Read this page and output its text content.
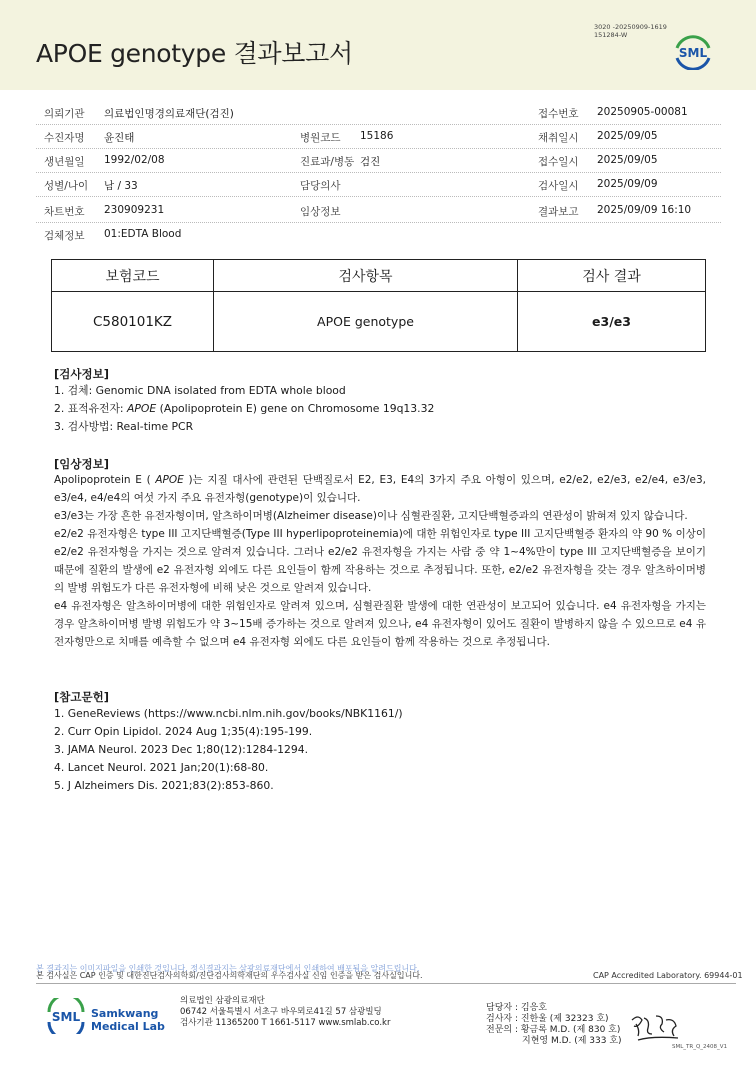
APOE genotype 결과보고서
3020 -20250909-1619
151284-W
SML
의뢰기관 의료법인명경의료재단(검진)	접수번호 20250905-00081
수진자명 윤진태	병원코드 15186	채취일시 2025/09/05
생년월일 1992/02/08	진료과/병동 검진	접수일시 2025/09/05
성별/나이 남 / 33	담당의사	검사일시 2025/09/09
차트번호 230909231	임상정보	결과보고 2025/09/09 16:10
검체정보 01:EDTA Blood
보험코드	검사항목	검사 결과
C580101KZ	APOE genotype	e3/e3
[검사정보]
1. 검체: Genomic DNA isolated from EDTA whole blood
2. 표적유전자: APOE (Apolipoprotein E) gene on Chromosome 19q13.32
3. 검사방법: Real-time PCR
[임상정보]

Apolipoprotein E ( APOE )는 지질 대사에 관련된 단백질로서 E2, E3, E4의 3가지 주요 아형이 있으며, e2/e2, e2/e3, e2/e4, e3/e3, e3/e4, e4/e4의 여섯 가지 주요 유전자형(genotype)이 있습니다.

e3/e3는 가장 흔한 유전자형이며, 알츠하이머병(Alzheimer disease)이나 심혈관질환, 고지단백혈증과의 연관성이 밝혀져 있지 않습니다.

e2/e2 유전자형은 type III 고지단백혈증(Type III hyperlipoproteinemia)에 대한 위험인자로 type III 고지단백혈증 환자의 약 90 % 이상이 e2/e2 유전자형을 가지는 것으로 알려져 있습니다. 그러나 e2/e2 유전자형을 가지는 사람 중 약 1~4%만이 type III 고지단백혈증을 보이기 때문에 질환의 발생에 e2 유전자형 외에도 다른 요인들이 함께 작용하는 것으로 추정됩니다. 또한, e2/e2 유전자형을 갖는 경우 알츠하이머병의 발병 위험도가 다른 유전자형에 비해 낮은 것으로 알려져 있습니다.

e4 유전자형은 알츠하이머병에 대한 위험인자로 알려져 있으며, 심혈관질환 발생에 대한 연관성이 보고되어 있습니다. e4 유전자형을 가지는 경우 알츠하이머병 발병 위험도가 약 3~15배 증가하는 것으로 알려져 있으나, e4 유전자형이 있어도 질환이 발병하지 않을 수 있으므로 e4 유전자형만으로 치매를 예측할 수 없으며 e4 유전자형 외에도 다른 요인들이 함께 작용하는 것으로 추정됩니다.

[참고문헌]
1. GeneReviews (https://www.ncbi.nlm.nih.gov/books/NBK1161/)
2. Curr Opin Lipidol. 2024 Aug 1;35(4):195-199.
3. JAMA Neurol. 2023 Dec 1;80(12):1284-1294.
4. Lancet Neurol. 2021 Jan;20(1):68-80.
5. J Alzheimers Dis. 2021;83(2):853-860.
본 결과지는 이미지파일을 인쇄한 것입니다. 정식결과지는 삼광의료재단에서 인쇄하여 배포됨을 알려드립니다.
본 검사실은 CAP 인증 및 대한진단검사의학회/진단검사의학재단의 우수검사실 신임 인증을 받은 검사실입니다.	CAP Accredited Laboratory. 69944-01
SML Samkwang
Medical Lab
의료법인 삼광의료재단
06742 서울특별시 서초구 바우뫼로41길 57 삼광빌딩
검사기관 11365200 T 1661-5117 www.smlab.co.kr
담당자 : 김응호
검사자 : 진한울 (제 32323 호)
전문의 : 황금록 M.D. (제 830 호)
지현영 M.D. (제 333 호)
SML_TR_Q_2408_V1
